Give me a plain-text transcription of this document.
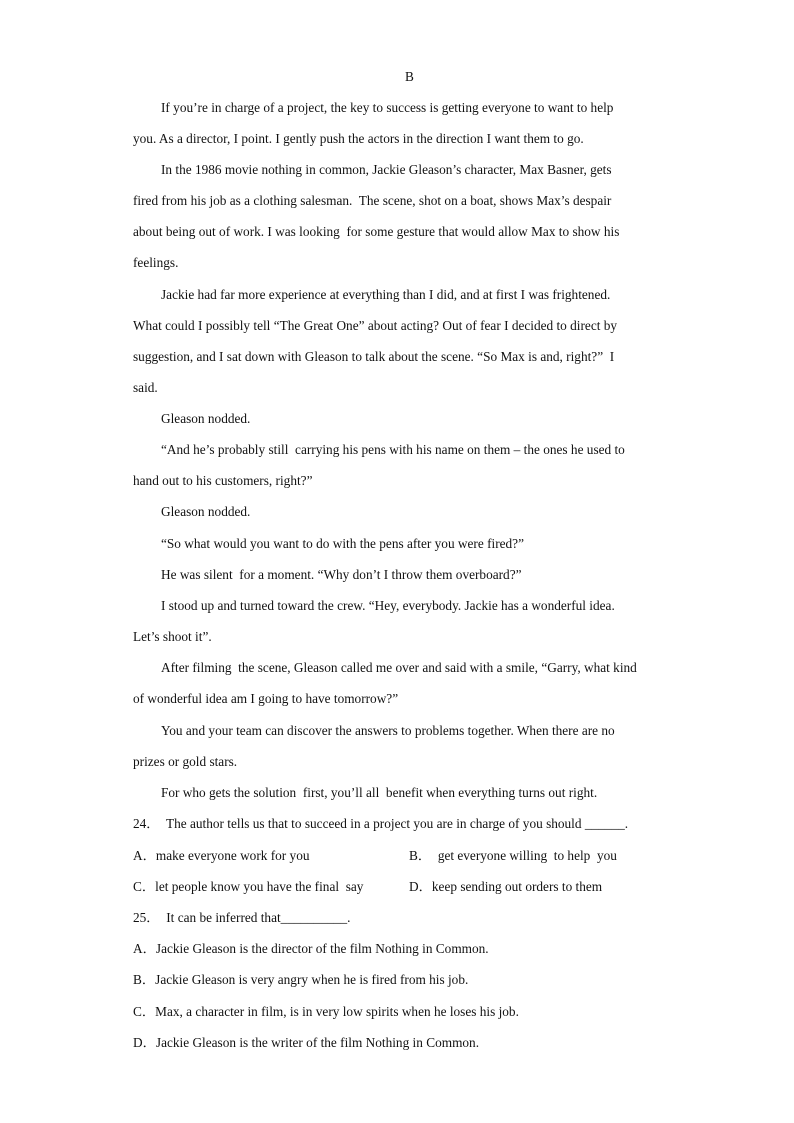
B
If you’re in charge of a project, the key to success is getting everyone to want to help
you. As a director, I point. I gently push the actors in the direction I want them to go.
In the 1986 movie nothing in common, Jackie Gleason’s character, Max Basner, gets
fired from his job as a clothing salesman.  The scene, shot on a boat, shows Max’s despair
about being out of work. I was looking  for some gesture that would allow Max to show his
feelings.
Jackie had far more experience at everything than I did, and at first I was frightened.
What could I possibly tell “The Great One” about acting? Out of fear I decided to direct by
suggestion, and I sat down with Gleason to talk about the scene. “So Max is and, right?”  I
said.
Gleason nodded.
“And he’s probably still  carrying his pens with his name on them – the ones he used to
hand out to his customers, right?”
Gleason nodded.
“So what would you want to do with the pens after you were fired?”
He was silent  for a moment. “Why don’t I throw them overboard?”
I stood up and turned toward the crew. “Hey, everybody. Jackie has a wonderful idea.
Let’s shoot it”.
After filming  the scene, Gleason called me over and said with a smile, “Garry, what kind
of wonderful idea am I going to have tomorrow?”
You and your team can discover the answers to problems together. When there are no
prizes or gold stars.
For who gets the solution  first, you’ll all  benefit when everything turns out right.
24．  The author tells us that to succeed in a project you are in charge of you should ______.
A．make everyone work for you	B．  get everyone willing  to help  you
C．let people know you have the final  say	D．keep sending out orders to them
25．  It can be inferred that__________.
A．Jackie Gleason is the director of the film Nothing in Common.
B．Jackie Gleason is very angry when he is fired from his job.
C．Max, a character in film, is in very low spirits when he loses his job.
D．Jackie Gleason is the writer of the film Nothing in Common.
